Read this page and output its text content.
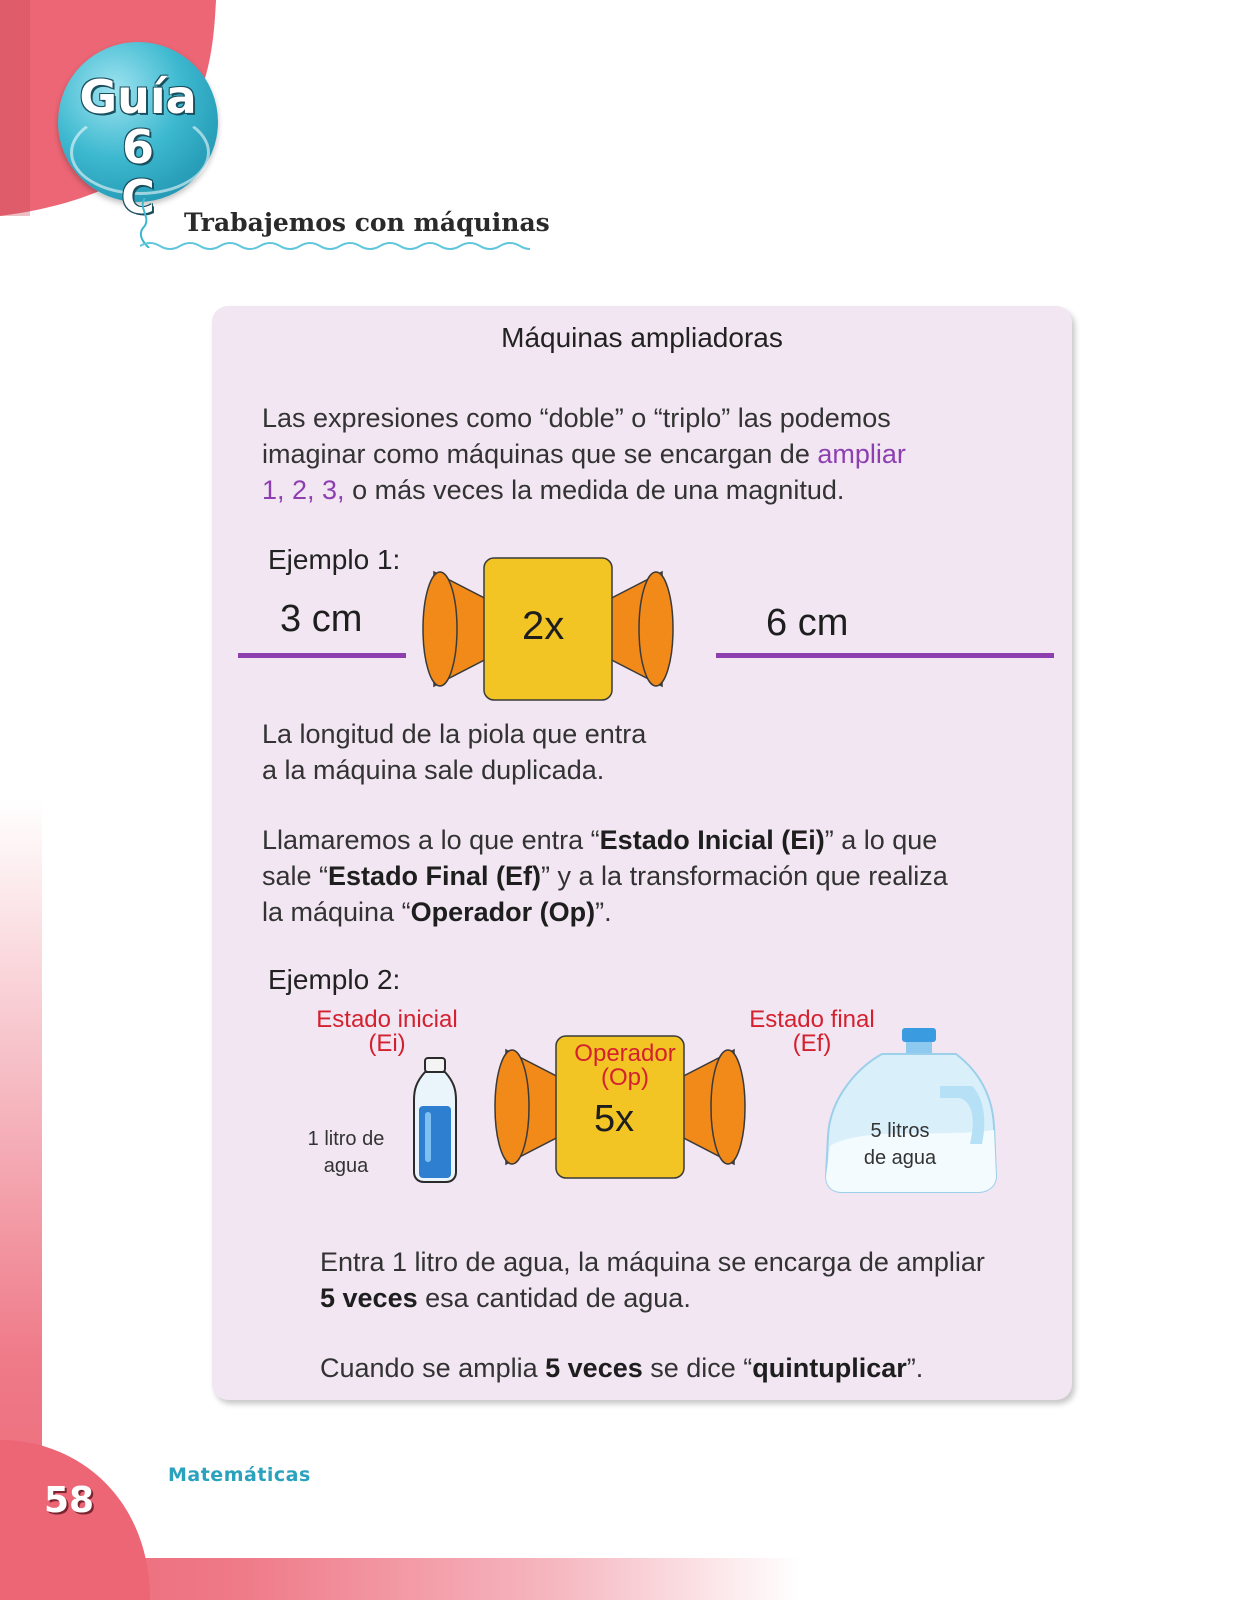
Guía 6
C	Trabajemos con máquinas
Máquinas ampliadoras
Las expresiones como “doble” o “triplo” las podemos
imaginar como máquinas que se encargan de ampliar
1, 2, 3, o más veces la medida de una magnitud.
Ejemplo 1:
3 cm	2x	6 cm
La longitud de la piola que entra
a la máquina sale duplicada.
Llamaremos a lo que entra “Estado Inicial (Ei)” a lo que
sale “Estado Final (Ef)” y a la transformación que realiza
la máquina “Operador (Op)”.
Ejemplo 2:
Estado inicial
(Ei)
Estado final
(Ef)
1 litro de
agua
Operador
(Op)
5x	5 litros
de agua
Entra 1 litro de agua, la máquina se encarga de ampliar
5 veces esa cantidad de agua.
Cuando se amplia 5 veces se dice “quintuplicar”.
Matemáticas
58
